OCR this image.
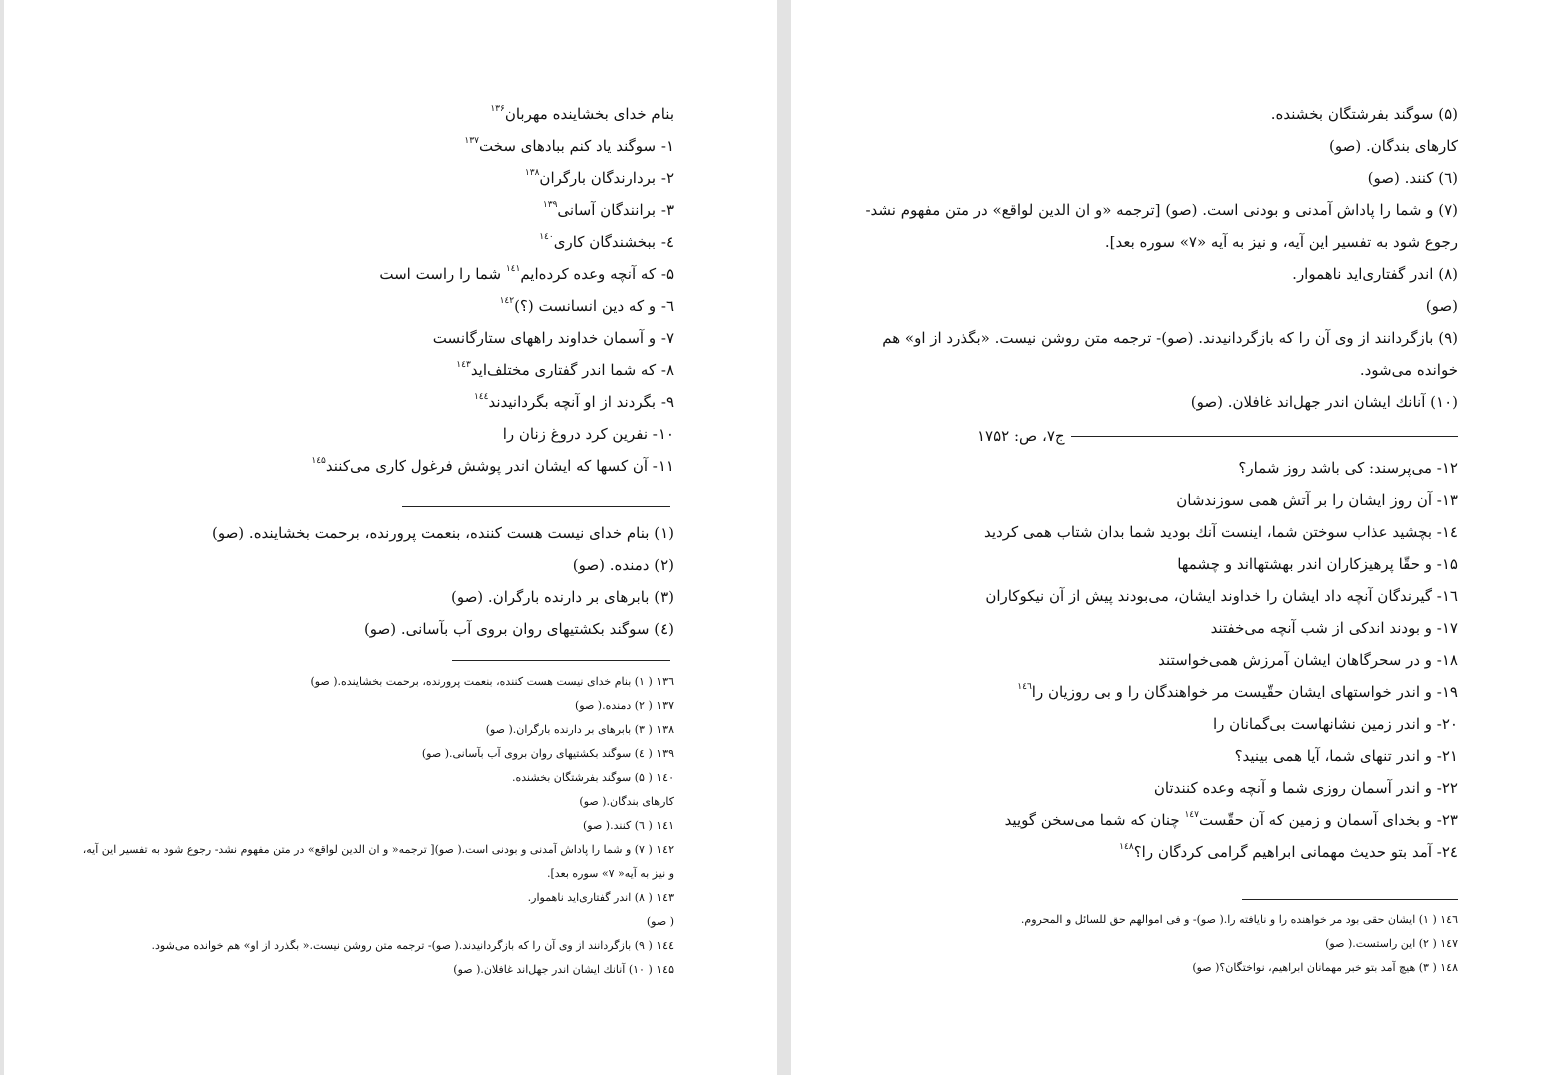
بنام خدای بخشاینده مهربان$^{۱۳۶}$
۱- سوگند یاد کنم ببادهای سخت$^{۱۳۷}$
۲- بردارندگان بارگران$^{۱۳۸}$
۳- برانندگان آسانی$^{۱۳۹}$
٤- ببخشندگان کاری$^{۱٤۰}$
۵- که آنچه وعده کرده‌ایم$^{۱٤۱}$ شما را راست است
٦- و که دین انسانست (؟)$^{۱٤۲}$
۷- و آسمان خداوند راههای ستارگانست
۸- که شما اندر گفتاری مختلف‌اید$^{۱٤۳}$
۹- بگردند از او آنچه بگردانیدند$^{۱٤٤}$
۱۰- نفرین کرد دروغ زنان را
۱۱- آن کسها که ایشان اندر پوشش فرغول کاری می‌کنند$^{۱٤۵}$
(۱) بنام خدای نیست هست کننده، بنعمت پرورنده، برحمت بخشاینده. (صو)
(۲) دمنده. (صو)
(۳) بابرهای بر دارنده بارگران. (صو)
(٤) سوگند بکشتیهای روان بروی آب بآسانی. (صو)
۱۳٦ ( ۱) بنام خدای نیست هست کننده، بنعمت پرورنده، برحمت بخشاینده.( صو)
۱۳۷ ( ۲) دمنده.( صو)
۱۳۸ ( ۳) بابرهای بر دارنده بارگران.( صو)
۱۳۹ ( ٤) سوگند بکشتیهای روان بروی آب بآسانی.( صو)
۱٤۰ ( ۵) سوگند بفرشتگان بخشنده.
کارهای بندگان.( صو)
۱٤۱ ( ٦) کنند.( صو)
۱٤۲ ( ۷) و شما را پاداش آمدنی و بودنی است.( صو)[ ترجمه« و ان الدین لواقع» در متن مفهوم نشد- رجوع شود به تفسیر این آیه،
و نیز به آیه« ۷» سوره بعد].
۱٤۳ ( ۸) اندر گفتاری‌اید ناهموار.
( صو)
۱٤٤ ( ۹) بازگردانند از وی آن را که بازگردانیدند.( صو)- ترجمه متن روشن نیست.« بگذرد از او» هم خوانده می‌شود.
۱٤۵ ( ۱۰) آنانك ایشان اندر جهل‌اند غافلان.( صو)
(۵) سوگند بفرشتگان بخشنده.
کارهای بندگان. (صو)
(٦) کنند. (صو)
(۷) و شما را پاداش آمدنی و بودنی است. (صو) [ترجمه «و ان الدین لواقع» در متن مفهوم نشد-
رجوع شود به تفسیر این آیه، و نیز به آیه «۷» سوره بعد].
(۸) اندر گفتاری‌اید ناهموار.
(صو)
(۹) بازگردانند از وی آن را که بازگردانیدند. (صو)- ترجمه متن روشن نیست. «بگذرد از او» هم
خوانده می‌شود.
(۱۰) آنانك ایشان اندر جهل‌اند غافلان. (صو)
ج۷، ص: ۱۷۵۲
۱۲- می‌پرسند: کی باشد روز شمار؟
۱۳- آن روز ایشان را بر آتش همی سوزندشان
۱٤- بچشید عذاب سوختن شما، اینست آنك بودید شما بدان شتاب همی کردید
۱۵- و حقّا پرهیزکاران اندر بهشتهااند و چشمها
۱٦- گیرندگان آنچه داد ایشان را خداوند ایشان، می‌بودند پیش از آن نیکوکاران
۱۷- و بودند اندکی از شب آنچه می‌خفتند
۱۸- و در سحرگاهان ایشان آمرزش همی‌خواستند
۱۹- و اندر خواستهای ایشان حقّیست مر خواهندگان را و بی روزیان را$^{۱٤٦}$
۲۰- و اندر زمین نشانهاست بی‌گمانان را
۲۱- و اندر تنهای شما، آیا همی بینید؟
۲۲- و اندر آسمان روزی شما و آنچه وعده کنندتان
۲۳- و بخدای آسمان و زمین که آن حقّست$^{۱٤۷}$ چنان که شما می‌سخن گویید
۲٤- آمد بتو حدیث مهمانی ابراهیم گرامی کردگان را؟$^{۱٤۸}$
۱٤٦ ( ۱) ایشان حقی بود مر خواهنده را و نایافته را.( صو)- و فی اموالهم حق للسائل و المحروم.
۱٤۷ ( ۲) این راستست.( صو)
۱٤۸ ( ۳) هیچ آمد بتو خبر مهمانان ابراهیم، نواختگان؟( صو)
